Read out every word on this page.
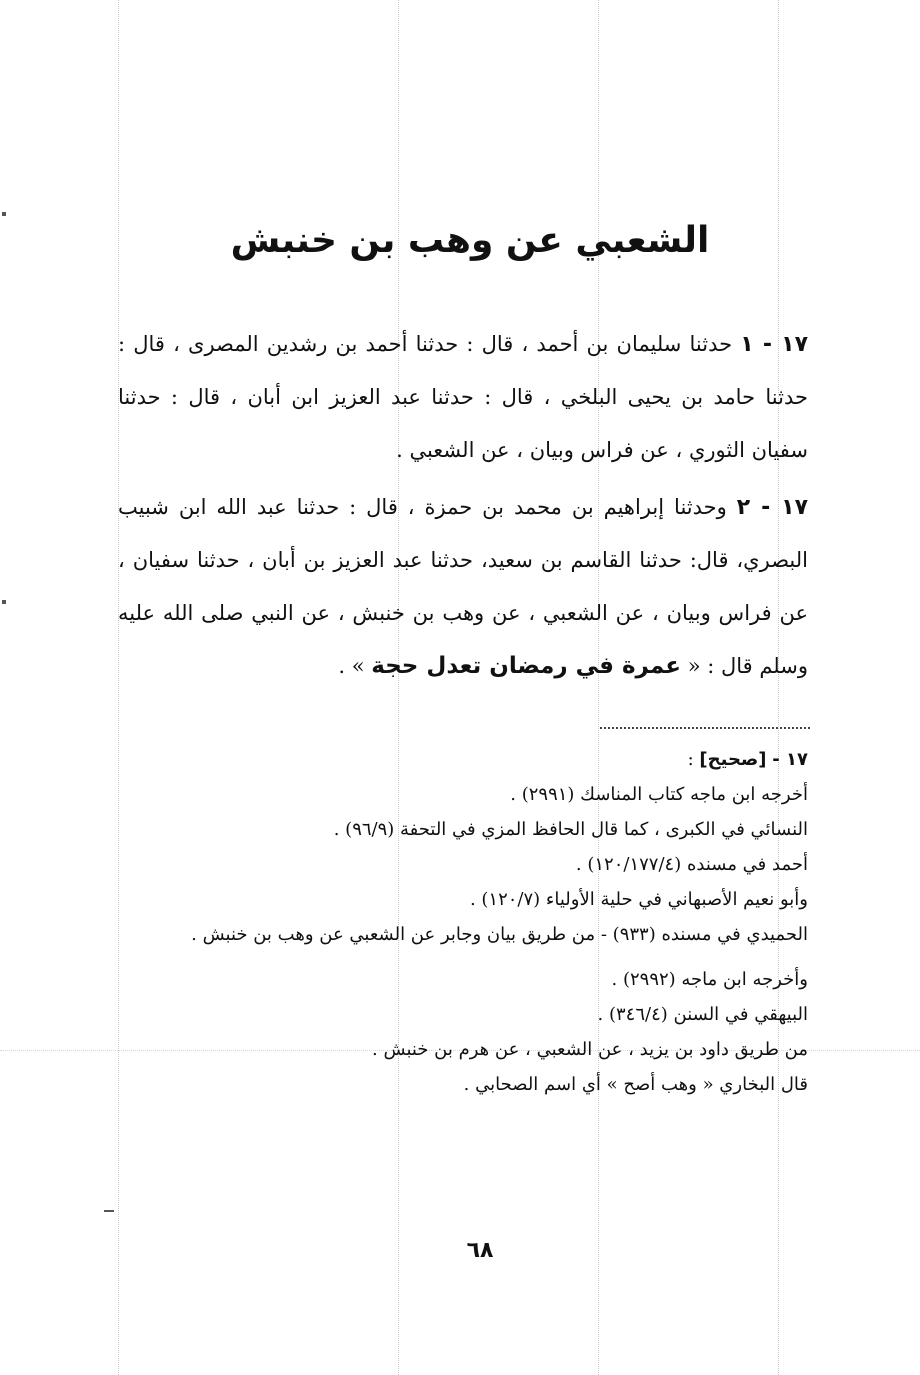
الشعبي عن وهب بن خنبش

١٧ - ١ حدثنا سليمان بن أحمد ، قال : حدثنا أحمد بن رشدين المصرى ، قال : حدثنا حامد بن يحيى البلخي ، قال : حدثنا عبد العزيز ابن أبان ، قال : حدثنا سفيان الثوري ، عن فراس وبيان ، عن الشعبي .

١٧ - ٢ وحدثنا إبراهيم بن محمد بن حمزة ، قال : حدثنا عبد الله ابن شبيب البصري، قال: حدثنا القاسم بن سعيد، حدثنا عبد العزيز بن أبان ، حدثنا سفيان ، عن فراس وبيان ، عن الشعبي ، عن وهب بن خنبش ، عن النبي صلى الله عليه وسلم قال : « عمرة في رمضان تعدل حجة » .

١٧ - [صحيح] :
أخرجه ابن ماجه كتاب المناسك (٢٩٩١) .
النسائي في الكبرى ، كما قال الحافظ المزي في التحفة (٩٦/٩) .
أحمد في مسنده (١٢٠/١٧٧/٤) .
وأبو نعيم الأصبهاني في حلية الأولياء (١٢٠/٧) .
الحميدي في مسنده (٩٣٣) - من طريق بيان وجابر عن الشعبي عن وهب بن خنبش .
وأخرجه ابن ماجه (٢٩٩٢) .
البيهقي في السنن (٣٤٦/٤) .
من طريق داود بن يزيد ، عن الشعبي ، عن هرم بن خنبش .
قال البخاري « وهب أصح » أي اسم الصحابي .
٦٨
